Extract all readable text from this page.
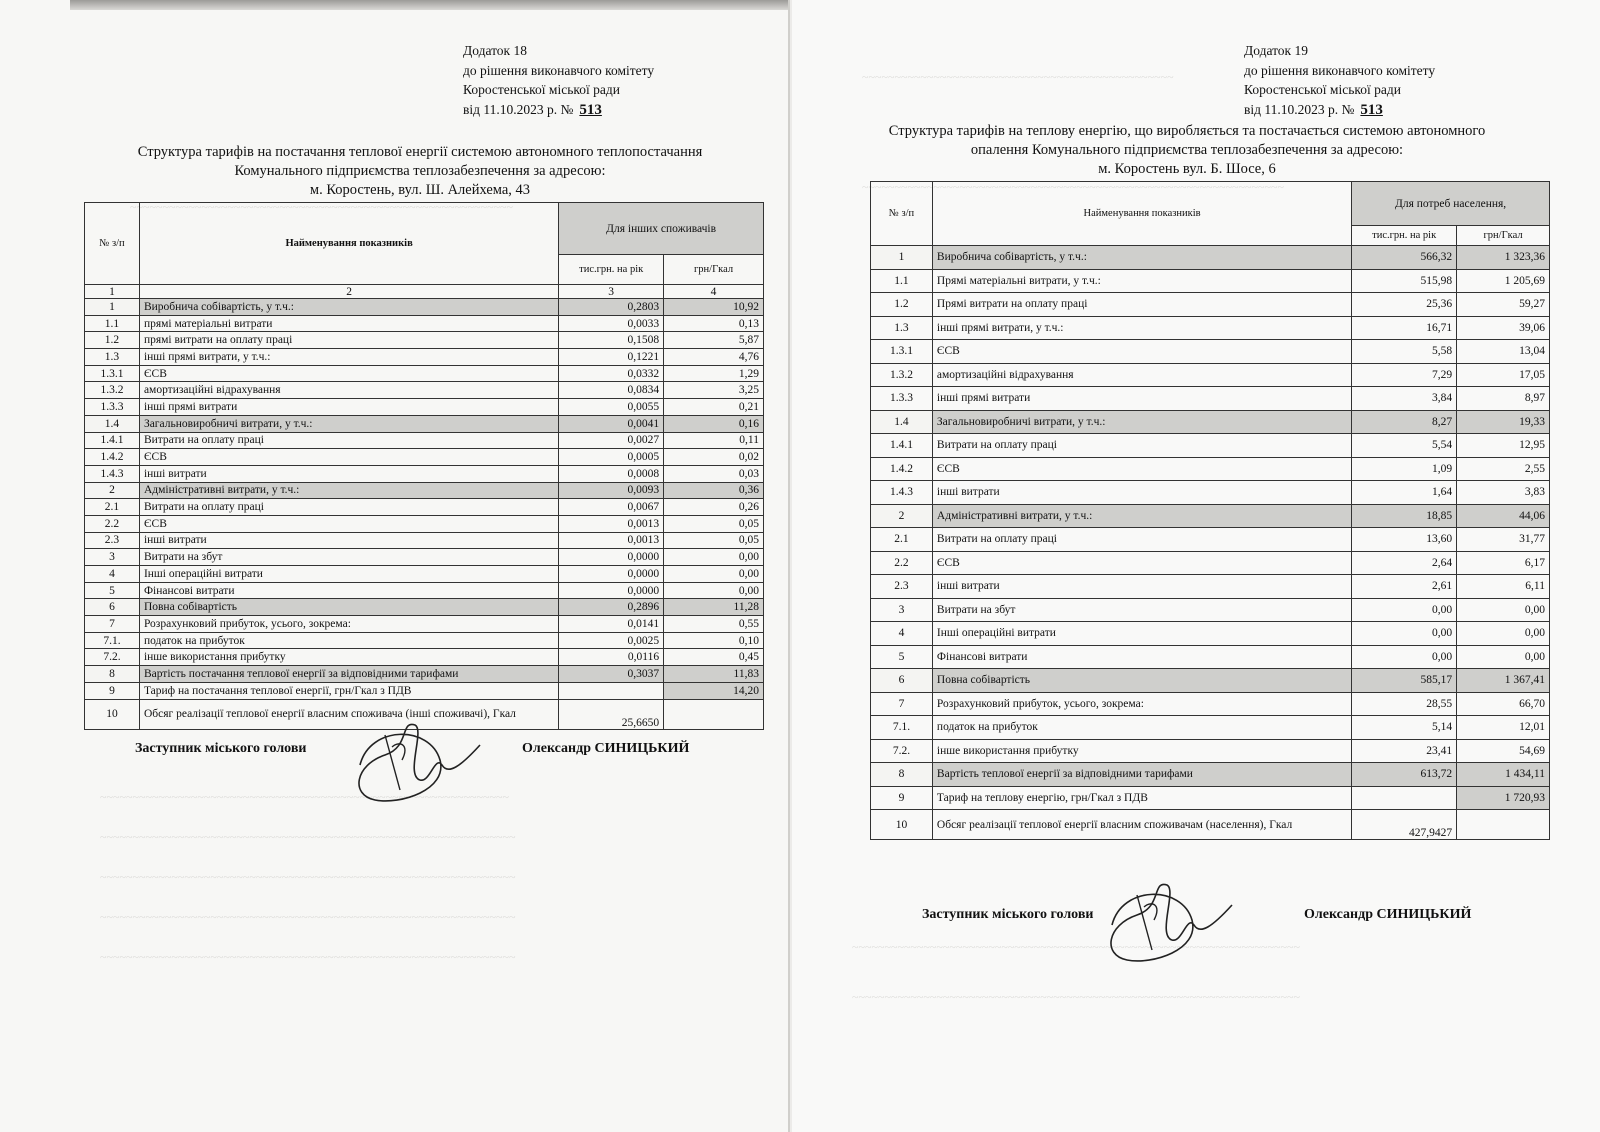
~~~~~~~~~~~~~~~~~~~~~~~~~~~~~~~~~~~~~~~~~~~~~~~~~~~~~~~~~~~
~~~~~~~~~~~~~~~~~~~~~~~~~~~~~~~~~~~~~~~~~~~~~~~~~~~~~~~~~~~~~~~
~~~~~~~~~~~~~~~~~~~~~~~~~~~~~~~~~~~~~~~~~~~~~~~~~~~~~~~~~~~~~~~~
~~~~~~~~~~~~~~~~~~~~~~~~~~~~~~~~~~~~~~~~~~~~~~~~~~~~~~~~~~~~~~~~
~~~~~~~~~~~~~~~~~~~~~~~~~~~~~~~~~~~~~~~~~~~~~~~~~~~~~~~~~~~~~~~~
~~~~~~~~~~~~~~~~~~~~~~~~~~~~~~~~~~~~~~~~~~~~~~~~~~~~~~~~~~~~~~~~
Додаток 18
до рішення виконавчого комітету
Коростенської міської ради
від 11.10.2023 р. № 513
Структура тарифів на постачання теплової енергії системою автономного теплопостачання
Комунального підприємства теплозабезпечення за адресою:
м. Коростень, вул. Ш. Алейхема, 43
№ з/п	Найменування показників	Для інших споживачів	
		тис.грн. на рік	грн/Гкал
1	2	3	4
1	Виробнича собівартість, у т.ч.:	0,2803	10,92
1.1	прямі матеріальні витрати	0,0033	0,13
1.2	прямі витрати на оплату праці	0,1508	5,87
1.3	інші прямі витрати, у т.ч.:	0,1221	4,76
1.3.1	ЄСВ	0,0332	1,29
1.3.2	амортизаційні відрахування	0,0834	3,25
1.3.3	інші прямі витрати	0,0055	0,21
1.4	Загальновиробничі витрати, у т.ч.:	0,0041	0,16
1.4.1	Витрати на оплату праці	0,0027	0,11
1.4.2	ЄСВ	0,0005	0,02
1.4.3	інші витрати	0,0008	0,03
2	Адміністративні витрати, у т.ч.:	0,0093	0,36
2.1	Витрати на оплату праці	0,0067	0,26
2.2	ЄСВ	0,0013	0,05
2.3	інші витрати	0,0013	0,05
3	Витрати на збут	0,0000	0,00
4	Інші операційні витрати	0,0000	0,00
5	Фінансові витрати	0,0000	0,00
6	Повна собівартість	0,2896	11,28
7	Розрахунковий прибуток, усього, зокрема:	0,0141	0,55
7.1.	податок на прибуток	0,0025	0,10
7.2.	інше використання прибутку	0,0116	0,45
8	Вартість постачання теплової енергії за відповідними тарифами	0,3037	11,83
9	Тариф на постачання теплової енергії, грн/Гкал з ПДВ		14,20
10	Обсяг реалізації теплової енергії власним споживача (інші споживачі), Гкал	25,6650	
Заступник міського голови	Олександр СИНИЦЬКИЙ
~~~~~~~~~~~~~~~~~~~~~~~~~~~~~~~~~~~~~~~~~~~~~~~~
~~~~~~~~~~~~~~~~~~~~~~~~~~~~~~~~~~~~~~~~~~~~~~~~~~~~~~~~~~~~~~~~~
~~~~~~~~~~~~~~~~~~~~~~~~~~~~~~~~~~~~~~~~~~~~~~~~~~~~~~~~~~~~~~~~~~~~~
~~~~~~~~~~~~~~~~~~~~~~~~~~~~~~~~~~~~~~~~~~~~~~~~~~~~~~~~~~~~~~~~~~~~~
Додаток 19
до рішення виконавчого комітету
Коростенської міської ради
від 11.10.2023 р. № 513
Структура тарифів на теплову енергію, що виробляється та постачається системою автономного
опалення Комунального підприємства теплозабезпечення за адресою:
м. Коростень вул. Б. Шосе, 6
№ з/п	Найменування показників	Для потреб населення,	
		тис.грн. на рік	грн/Гкал
1	Виробнича собівартість, у т.ч.:	566,32	1 323,36
1.1	Прямі матеріальні витрати, у т.ч.:	515,98	1 205,69
1.2	Прямі витрати на оплату праці	25,36	59,27
1.3	інші прямі витрати, у т.ч.:	16,71	39,06
1.3.1	ЄСВ	5,58	13,04
1.3.2	амортизаційні відрахування	7,29	17,05
1.3.3	інші прямі витрати	3,84	8,97
1.4	Загальновиробничі витрати, у т.ч.:	8,27	19,33
1.4.1	Витрати на оплату праці	5,54	12,95
1.4.2	ЄСВ	1,09	2,55
1.4.3	інші витрати	1,64	3,83
2	Адміністративні витрати, у т.ч.:	18,85	44,06
2.1	Витрати на оплату праці	13,60	31,77
2.2	ЄСВ	2,64	6,17
2.3	інші витрати	2,61	6,11
3	Витрати на збут	0,00	0,00
4	Інші операційні витрати	0,00	0,00
5	Фінансові витрати	0,00	0,00
6	Повна собівартість	585,17	1 367,41
7	Розрахунковий прибуток, усього, зокрема:	28,55	66,70
7.1.	податок на прибуток	5,14	12,01
7.2.	інше використання прибутку	23,41	54,69
8	Вартість теплової енергії за відповідними тарифами	613,72	1 434,11
9	Тариф на теплову енергію, грн/Гкал з ПДВ		1 720,93
10	Обсяг реалізації теплової енергії власним споживачам (населення), Гкал	427,9427	
Заступник міського голови	Олександр СИНИЦЬКИЙ
